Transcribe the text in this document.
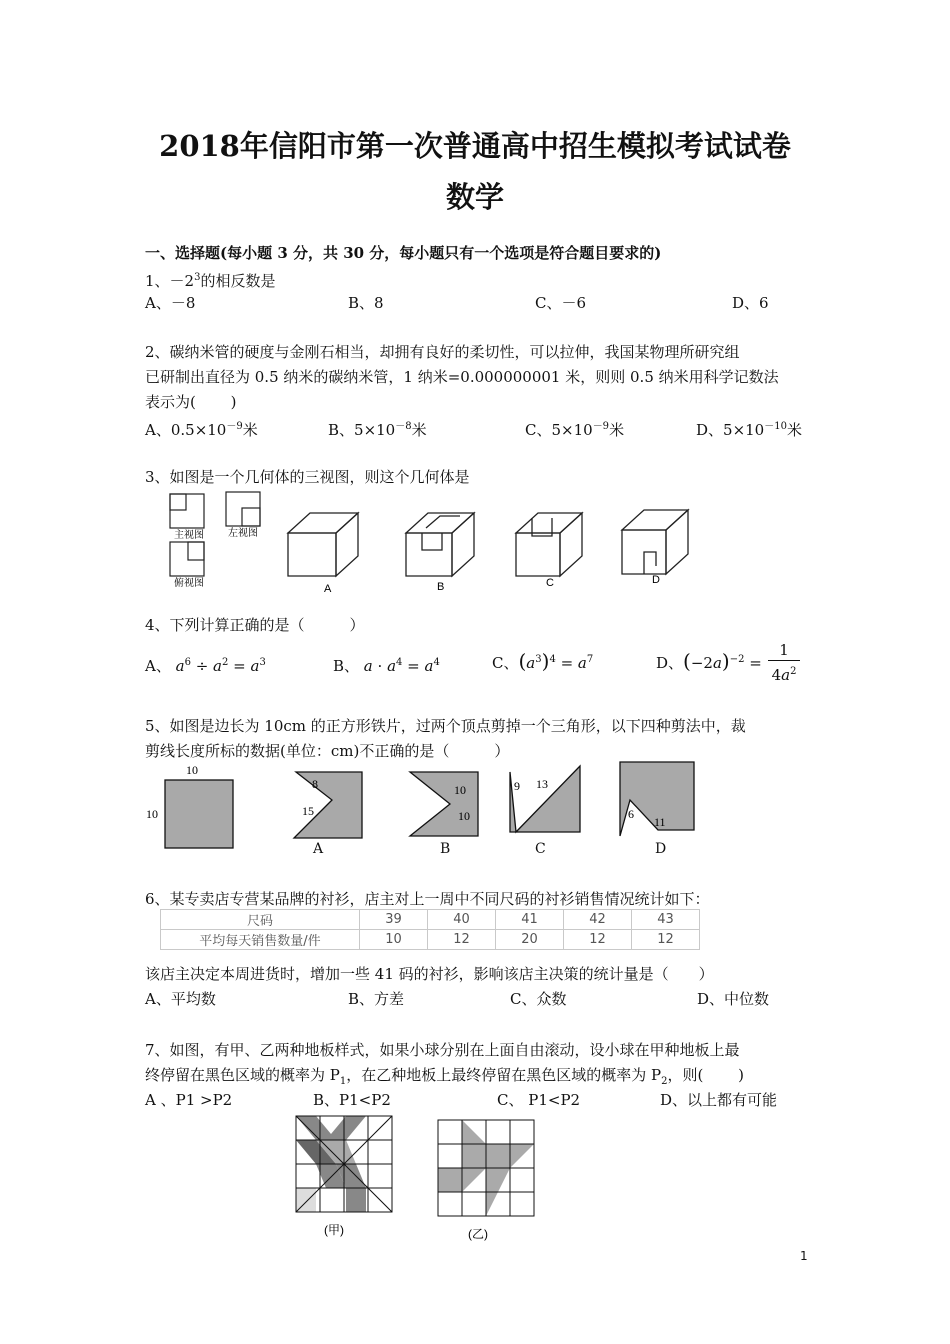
2018年信阳市第一次普通高中招生模拟考试试卷
数学
一、选择题(每小题 3 分，共 30 分，每小题只有一个选项是符合题目要求的)
1、$-2^3$的相反数是
A、－8	B、8	C、－6	D、6
2、碳纳米管的硬度与金刚石相当，却拥有良好的柔切性，可以拉伸，我国某物理所研究组
已研制出直径为 0.5 纳米的碳纳米管，1 纳米=0.000000001 米，则则 0.5 纳米用科学记数法
表示为(　　 )
A、$0.5\times 10^{-9}$米	B、$5\times 10^{-8}$米	C、$5\times 10^{-9}$米	D、$5\times 10^{-10}$米
3、如图是一个几何体的三视图，则这个几何体是
主视图 左视图
俯视图	A	B	C	D
4、下列计算正确的是（　　　）
A、 $a^6 \div a^2 = a^3$	B、 $a \cdot a^4 = a^4$	C、$(a^3)^4 = a^7$	D、$(-2a)^{-2}$ =
1
$4a^2$
5、如图是边长为 10cm 的正方形铁片，过两个顶点剪掉一个三角形，以下四种剪法中，裁
剪线长度所标的数据(单位：cm)不正确的是（　　　）
10
10
8
15
10
10
9 13
6
11
A	B	C	D
6、某专卖店专营某品牌的衬衫，店主对上一周中不同尺码的衬衫销售情况统计如下：
尺码	39	40	41	42	43
平均每天销售数量/件	10	12	20	12	12
该店主决定本周进货时，增加一些 41 码的衬衫，影响该店主决策的统计量是（　　）
A、平均数	B、方差	C、众数	D、中位数
7、如图，有甲、乙两种地板样式，如果小球分别在上面自由滚动，设小球在甲种地板上最
终停留在黑色区域的概率为 $P_1$，在乙种地板上最终停留在黑色区域的概率为 $P_2$，则(　　 )
A 、P1 >P2	B、P1<P2	C、 P1<P2	D、以上都有可能
(甲)	(乙)
1
